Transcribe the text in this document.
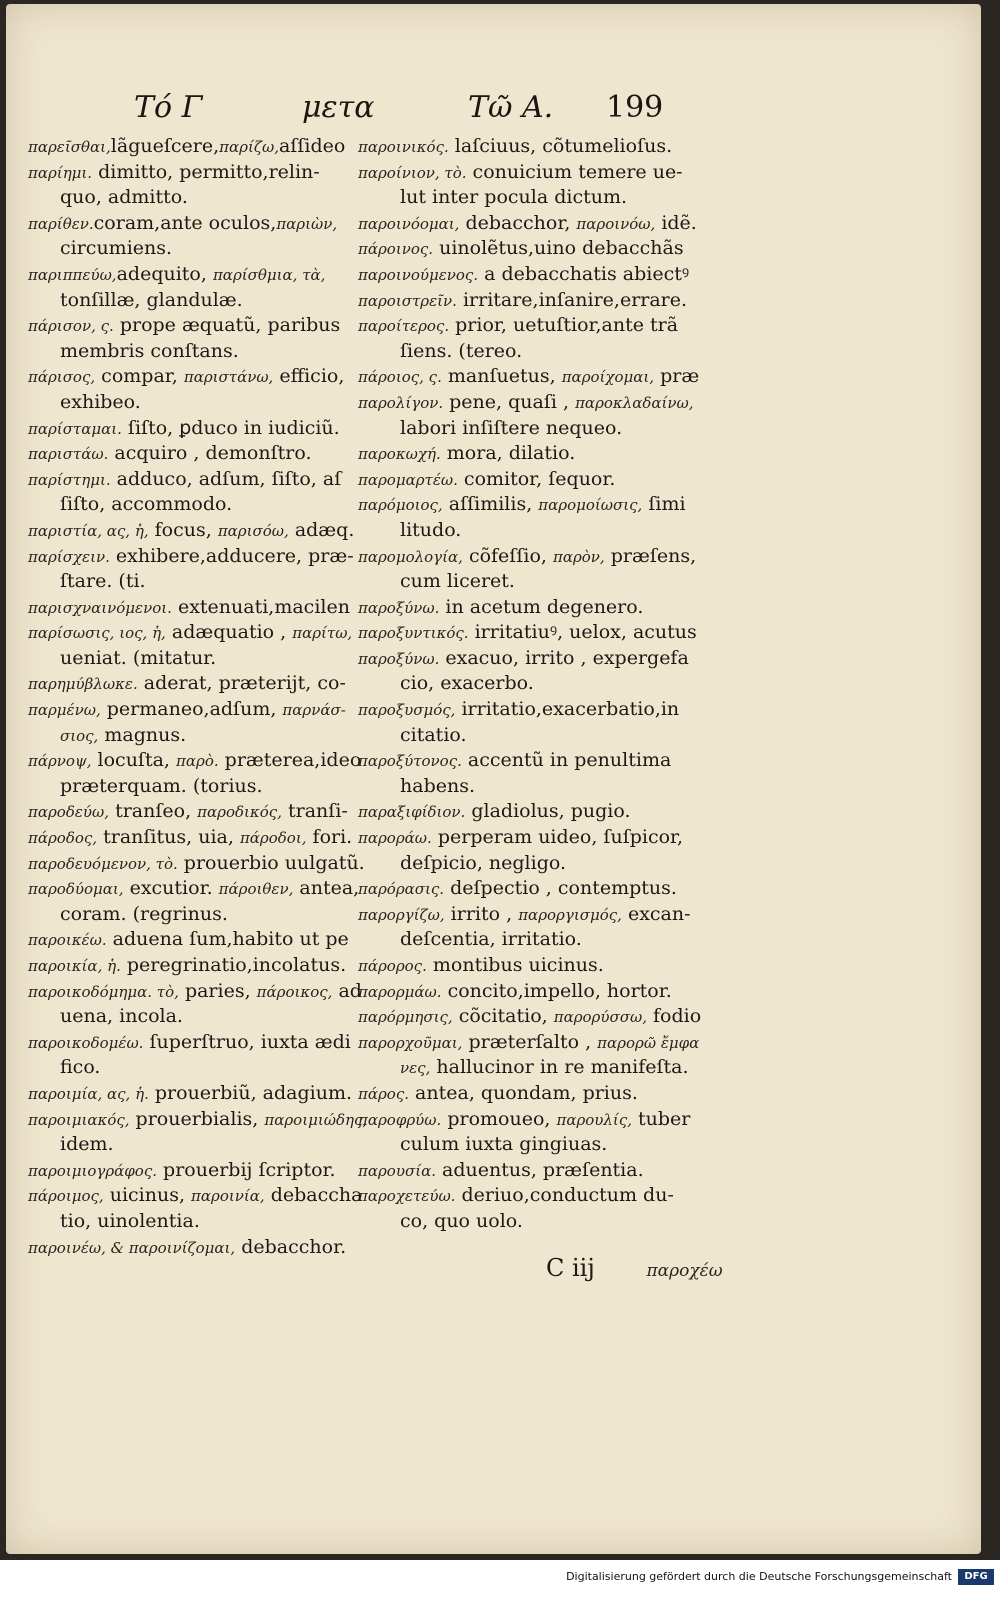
Τό Γ	μετα	Τῶ Α. 199
παρεῖσθαι,lãgueſcere,παρίζω,aſſideo
παρίημι. dimitto, permitto,relin-
quo, admitto.
παρίθεν.coram,ante oculos,παριὼν,
circumiens.
παριππεύω,adequito, παρίσθμια, τὰ,
tonſillæ, glandulæ.
πάρισον, ς. prope æquatũ, paribus
membris conſtans.
πάρισος, compar, παριστάνω, efficio,
exhibeo.
παρίσταμαι. ſiſto, ꝑduco in iudiciũ.
παριστάω. acquiro , demonſtro.
παρίστημι. adduco, adſum, ſiſto, aſ
ſiſto, accommodo.
παριστία, ας, ἡ, focus, παρισόω, adæq.
παρίσχειν. exhibere,adducere, præ-
ſtare. (ti.
παρισχναινόμενοι. extenuati,macilen
παρίσωσις, ιος, ἡ, adæquatio , παρίτω,
ueniat. (mitatur.
παρημύβλωκε. aderat, præterijt, co-
παρμένω, permaneo,adſum, παρνάσ-
σιος, magnus.
πάρνοψ, locuſta, παρὸ. præterea,ideo
præterquam. (torius.
παροδεύω, tranſeo, παροδικός, tranſi-
πάροδος, tranſitus, uia, πάροδοι, fori.
παροδευόμενον, τὸ. prouerbio uulgatũ.
παροδύομαι, excutior. πάροιθεν, antea,
coram. (regrinus.
παροικέω. aduena ſum,habito ut pe
παροικία, ἡ. peregrinatio,incolatus.
παροικοδόμημα. τὸ, paries, πάροικος, ad
uena, incola.
παροικοδομέω. ſuperſtruo, iuxta ædi
fico.
παροιμία, ας, ἡ. prouerbiũ, adagium.
παροιμιακός, prouerbialis, παροιμιώδης,
idem.
παροιμιογράφος. prouerbij ſcriptor.
πάροιμος, uicinus, παροινία, debaccha
tio, uinolentia.
παροινέω, & παροινίζομαι, debacchor.
παροινικός. laſciuus, cõtumelioſus.
παροίνιον, τὸ. conuicium temere ue-
lut inter pocula dictum.
παροινόομαι, debacchor, παροινόω, idẽ.
πάροινος. uinolẽtus,uino debacchãs
παροινούμενος. a debacchatis abiectꝰ
παροιστρεῖν. irritare,inſanire,errare.
παροίτερος. prior, uetuſtior,ante trã
ſiens. (tereo.
πάροιος, ς. manſuetus, παροίχομαι, præ
παρολίγον. pene, quaſi , παροκλαδαίνω,
labori inſiſtere nequeo.
παροκωχή. mora, dilatio.
παρομαρτέω. comitor, ſequor.
παρόμοιος, aſſimilis, παρομοίωσις, ſimi
litudo.
παρομολογία, cõfeſſio, παρὸν, præſens,
cum liceret.
παροξύνω. in acetum degenero.
παροξυντικός. irritatiuꝰ, uelox, acutus
παροξύνω. exacuo, irrito , expergefa
cio, exacerbo.
παροξυσμός, irritatio,exacerbatio,in
citatio.
παροξύτονος. accentũ in penultima
habens.
παραξιφίδιον. gladiolus, pugio.
παροράω. perperam uideo, ſuſpicor,
deſpicio, negligo.
παρόρασις. deſpectio , contemptus.
παροργίζω, irrito , παροργισμός, excan-
deſcentia, irritatio.
πάρορος. montibus uicinus.
παρορμάω. concito,impello, hortor.
παρόρμησις, cõcitatio, παρορύσσω, fodio
παρορχοῦμαι, præterſalto , παρορῶ ἔμφα
νες, hallucinor in re manifeſta.
πάρος. antea, quondam, prius.
παροφρύω. promoueo, παρουλίς, tuber
culum iuxta gingiuas.
παρουσία. aduentus, præſentia.
παροχετεύω. deriuo,conductum du-
co, quo uolo.
C iij	παροχέω
Digitalisierung gefördert durch die Deutsche Forschungsgemeinschaft	DFG
